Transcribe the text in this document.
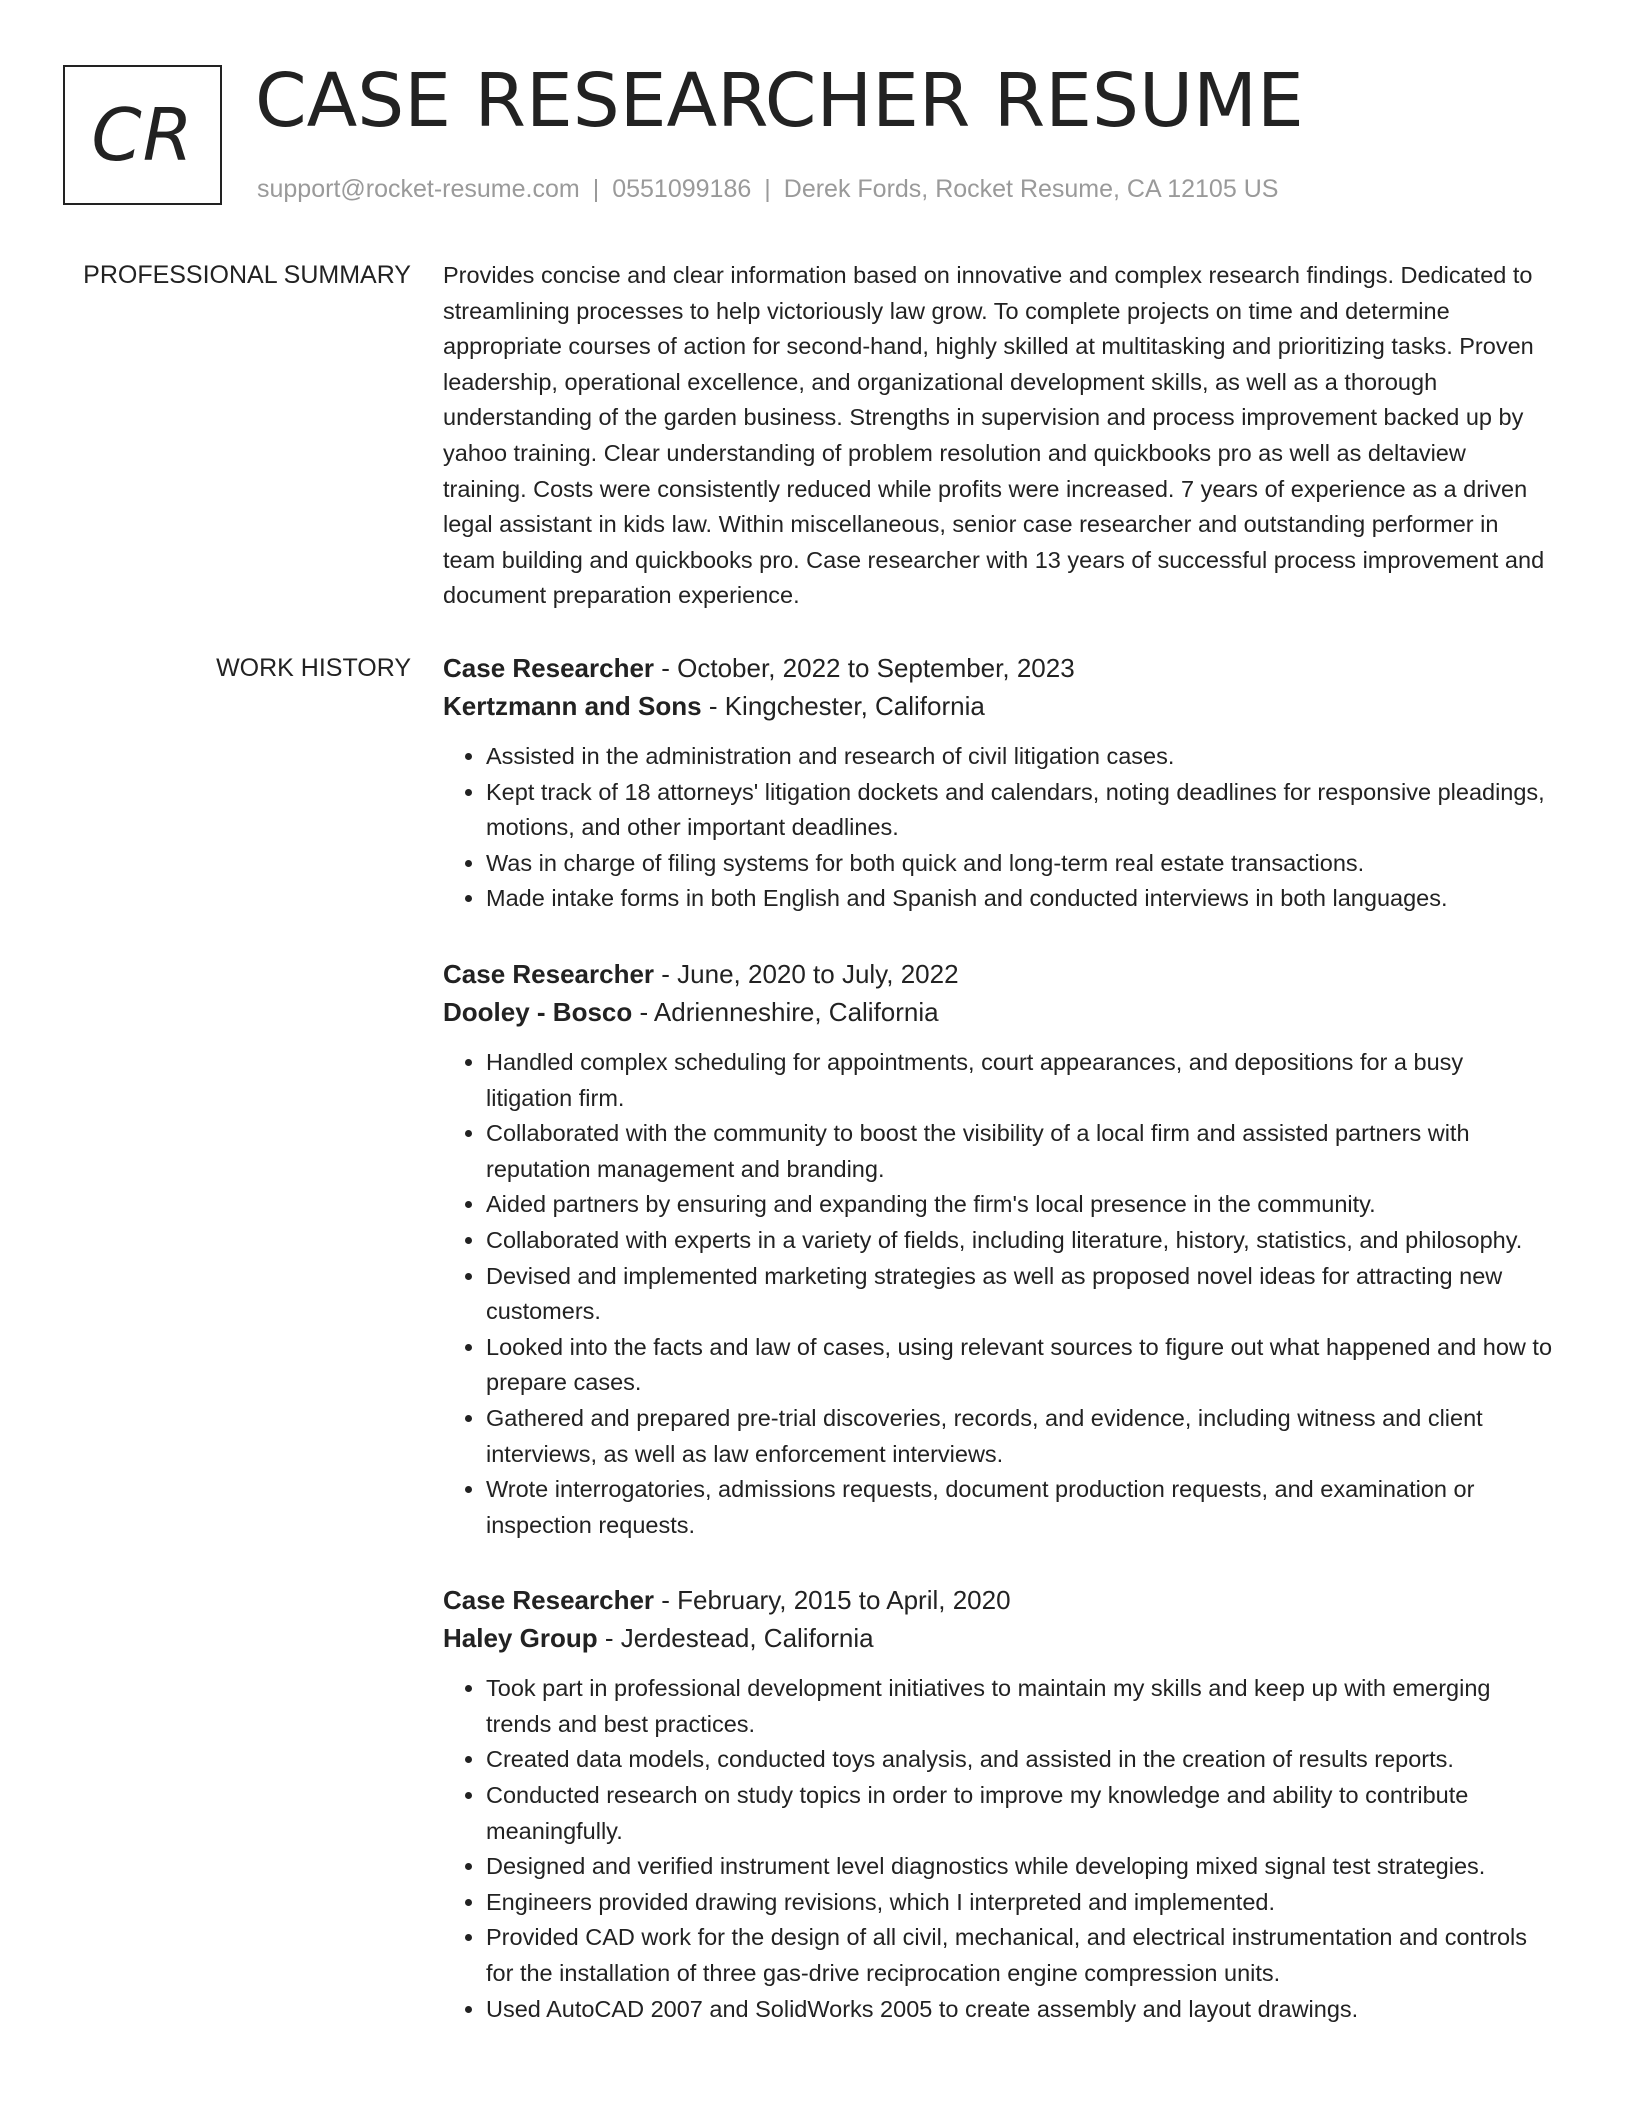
CR CASE RESEARCHER RESUME
support@rocket-resume.com | 0551099186 | Derek Fords, Rocket Resume, CA 12105 US
PROFESSIONAL SUMMARY Provides concise and clear information based on innovative and complex research findings. Dedicated to streamlining processes to help victoriously law grow. To complete projects on time and determine appropriate courses of action for second-hand, highly skilled at multitasking and prioritizing tasks. Proven leadership, operational excellence, and organizational development skills, as well as a thorough understanding of the garden business. Strengths in supervision and process improvement backed up by yahoo training. Clear understanding of problem resolution and quickbooks pro as well as deltaview training. Costs were consistently reduced while profits were increased. 7 years of experience as a driven legal assistant in kids law. Within miscellaneous, senior case researcher and outstanding performer in team building and quickbooks pro. Case researcher with 13 years of successful process improvement and document preparation experience.

WORK HISTORY Case Researcher - October, 2022 to September, 2023
Kertzmann and Sons - Kingchester, California
• Assisted in the administration and research of civil litigation cases.
• Kept track of 18 attorneys' litigation dockets and calendars, noting deadlines for responsive pleadings, motions, and other important deadlines.
• Was in charge of filing systems for both quick and long-term real estate transactions.
• Made intake forms in both English and Spanish and conducted interviews in both languages.
Case Researcher - June, 2020 to July, 2022
Dooley - Bosco - Adrienneshire, California
• Handled complex scheduling for appointments, court appearances, and depositions for a busy litigation firm.
• Collaborated with the community to boost the visibility of a local firm and assisted partners with reputation management and branding.
• Aided partners by ensuring and expanding the firm's local presence in the community.
• Collaborated with experts in a variety of fields, including literature, history, statistics, and philosophy.
• Devised and implemented marketing strategies as well as proposed novel ideas for attracting new customers.
• Looked into the facts and law of cases, using relevant sources to figure out what happened and how to prepare cases.
• Gathered and prepared pre-trial discoveries, records, and evidence, including witness and client interviews, as well as law enforcement interviews.
• Wrote interrogatories, admissions requests, document production requests, and examination or inspection requests.
Case Researcher - February, 2015 to April, 2020
Haley Group - Jerdestead, California
• Took part in professional development initiatives to maintain my skills and keep up with emerging trends and best practices.
• Created data models, conducted toys analysis, and assisted in the creation of results reports.
• Conducted research on study topics in order to improve my knowledge and ability to contribute meaningfully.
• Designed and verified instrument level diagnostics while developing mixed signal test strategies.
• Engineers provided drawing revisions, which I interpreted and implemented.
• Provided CAD work for the design of all civil, mechanical, and electrical instrumentation and controls for the installation of three gas-drive reciprocation engine compression units.
• Used AutoCAD 2007 and SolidWorks 2005 to create assembly and layout drawings.
